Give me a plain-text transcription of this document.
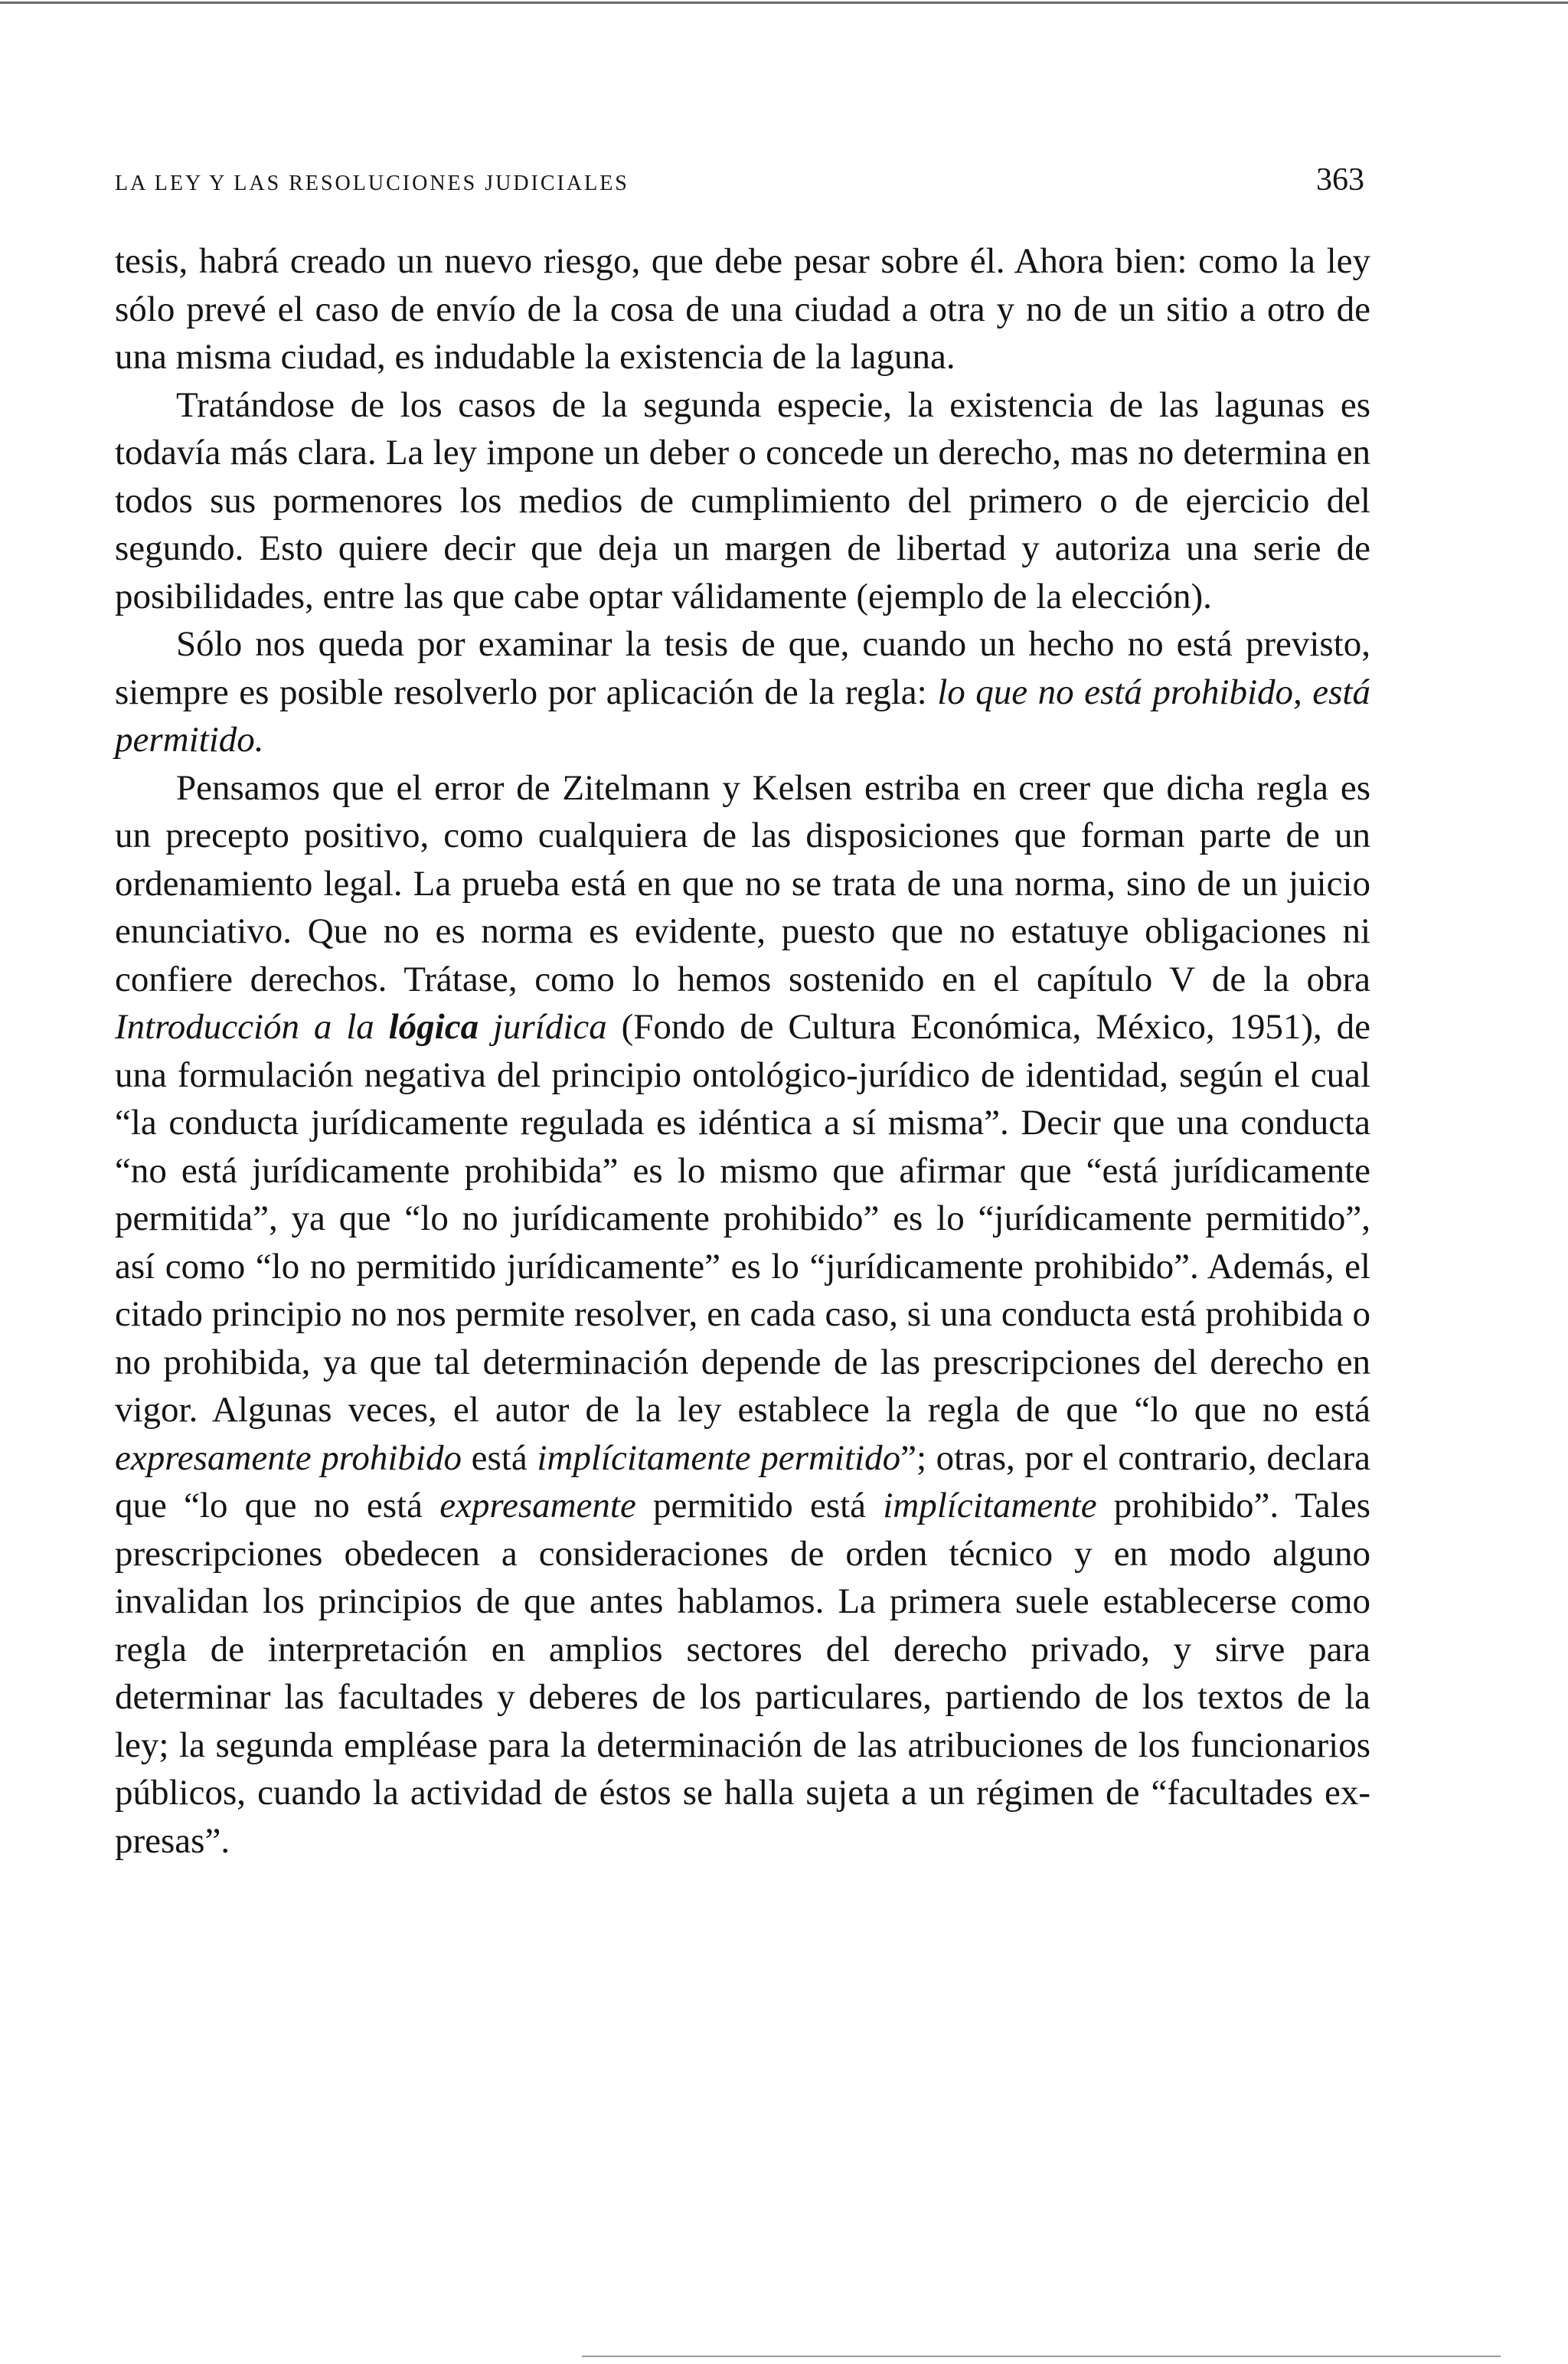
LA LEY Y LAS RESOLUCIONES JUDICIALES	363

tesis, habrá creado un nuevo riesgo, que debe pesar sobre él. Ahora bien: como la ley sólo prevé el caso de envío de la cosa de una ciudad a otra y no de un sitio a otro de una misma ciudad, es indudable la existencia de la laguna.

Tratándose de los casos de la segunda especie, la existencia de las lagunas es todavía más clara. La ley impone un deber o concede un derecho, mas no determina en todos sus pormenores los medios de cumplimiento del primero o de ejercicio del segundo. Esto quiere decir que deja un margen de libertad y autoriza una serie de posibilidades, entre las que cabe optar válidamente (ejemplo de la elección).

Sólo nos queda por examinar la tesis de que, cuando un hecho no está previsto, siempre es posible resolverlo por aplicación de la regla: lo que no está prohibido, está permitido.

Pensamos que el error de Zitelmann y Kelsen estriba en creer que dicha regla es un precepto positivo, como cualquiera de las disposiciones que forman parte de un ordenamiento legal. La prueba está en que no se trata de una norma, sino de un juicio enunciativo. Que no es norma es evidente, puesto que no estatuye obligaciones ni confiere derechos. Trátase, como lo hemos sostenido en el capítulo V de la obra Introducción a la lógica jurídica (Fondo de Cultura Económica, México, 1951), de una formulación negativa del principio ontológico-jurídico de identidad, según el cual “la conducta jurídicamente regulada es idéntica a sí misma”. Decir que una conducta “no está jurídicamente prohibida” es lo mismo que afirmar que “está jurídicamente permitida”, ya que “lo no jurídicamente prohibido” es lo “jurídicamente permitido”, así como “lo no permitido jurídicamente” es lo “jurídicamente prohibido”. Además, el citado principio no nos permite resolver, en cada caso, si una conducta está prohibida o no prohibida, ya que tal determinación depende de las prescripciones del derecho en vigor. Algunas veces, el autor de la ley establece la regla de que “lo que no está expresamente prohibido está implícitamente permitido”; otras, por el contrario, declara que “lo que no está expresamente permitido está implícitamente prohibido”. Tales prescripciones obedecen a consideraciones de orden técnico y en modo alguno invalidan los principios de que antes hablamos. La primera suele establecerse como regla de interpretación en amplios sectores del derecho privado, y sirve para determinar las facultades y deberes de los particulares, partiendo de los textos de la ley; la segunda empléase para la determinación de las atribuciones de los funcionarios públicos, cuando la actividad de éstos se halla sujeta a un régimen de “facultades expresas”.
